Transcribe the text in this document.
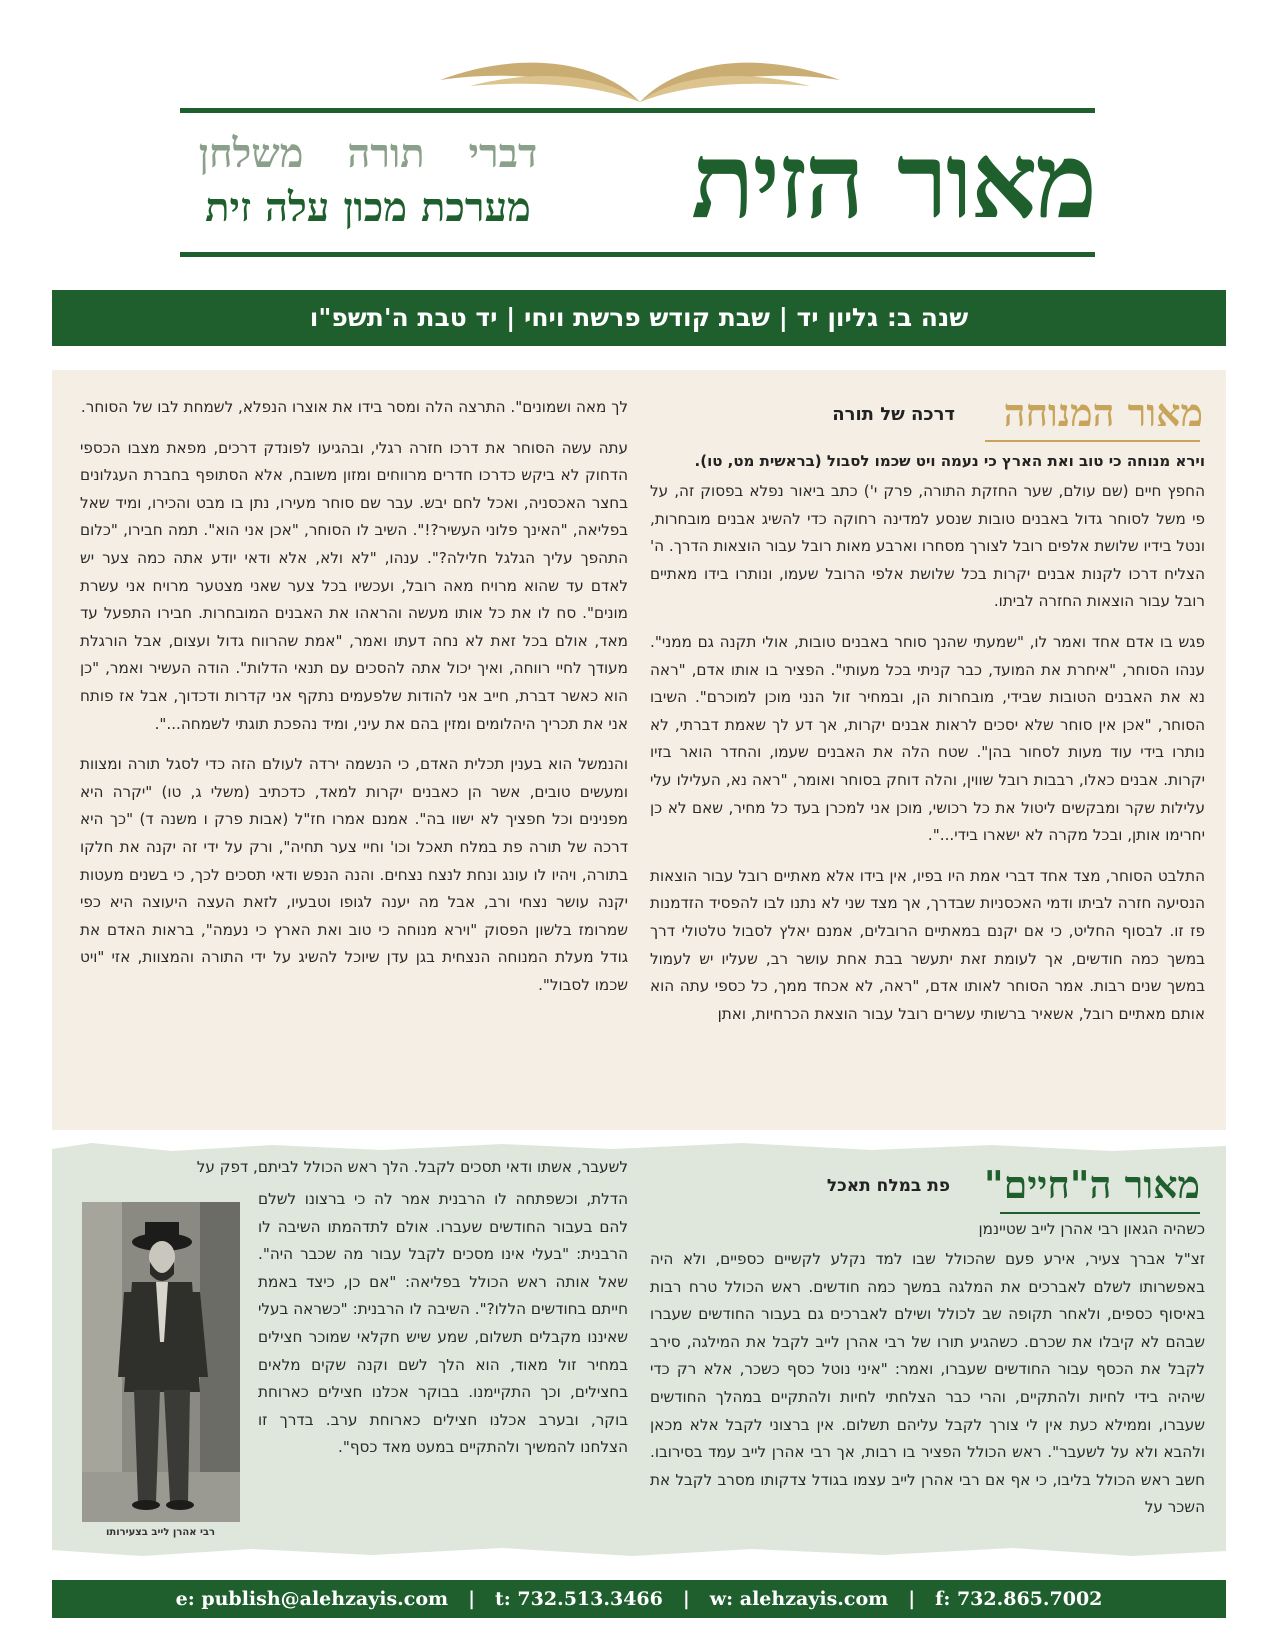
מאור הזית
דברי תורה משלחן
מערכת מכון עלה זית
שנה ב: גליון יד | שבת קודש פרשת ויחי | יד טבת ה'תשפ"ו
מאור המנוחה
דרכה של תורה
וירא מנוחה כי טוב ואת הארץ כי נעמה ויט שכמו לסבול (בראשית מט, טו).

החפץ חיים (שם עולם, שער החזקת התורה, פרק י') כתב ביאור נפלא בפסוק זה, על פי משל לסוחר גדול באבנים טובות שנסע למדינה רחוקה כדי להשיג אבנים מובחרות, ונטל בידיו שלושת אלפים רובל לצורך מסחרו וארבע מאות רובל עבור הוצאות הדרך. ה' הצליח דרכו לקנות אבנים יקרות בכל שלושת אלפי הרובל שעמו, ונותרו בידו מאתיים רובל עבור הוצאות החזרה לביתו.

פגש בו אדם אחד ואמר לו, "שמעתי שהנך סוחר באבנים טובות, אולי תקנה גם ממני". ענהו הסוחר, "איחרת את המועד, כבר קניתי בכל מעותי". הפציר בו אותו אדם, "ראה נא את האבנים הטובות שבידי, מובחרות הן, ובמחיר זול הנני מוכן למוכרם". השיבו הסוחר, "אכן אין סוחר שלא יסכים לראות אבנים יקרות, אך דע לך שאמת דברתי, לא נותרו בידי עוד מעות לסחור בהן". שטח הלה את האבנים שעמו, והחדר הואר בזיו יקרות. אבנים כאלו, רבבות רובל שווין, והלה דוחק בסוחר ואומר, "ראה נא, העלילו עלי עלילות שקר ומבקשים ליטול את כל רכושי, מוכן אני למכרן בעד כל מחיר, שאם לא כן יחרימו אותן, ובכל מקרה לא ישארו בידי...".

התלבט הסוחר, מצד אחד דברי אמת היו בפיו, אין בידו אלא מאתיים רובל עבור הוצאות הנסיעה חזרה לביתו ודמי האכסניות שבדרך, אך מצד שני לא נתנו לבו להפסיד הזדמנות פז זו. לבסוף החליט, כי אם יקנם במאתיים הרובלים, אמנם יאלץ לסבול טלטולי דרך במשך כמה חודשים, אך לעומת זאת יתעשר בבת אחת עושר רב, שעליו יש לעמול במשך שנים רבות. אמר הסוחר לאותו אדם, "ראה, לא אכחד ממך, כל כספי עתה הוא אותם מאתיים רובל, אשאיר ברשותי עשרים רובל עבור הוצאת הכרחיות, ואתן

לך מאה ושמונים". התרצה הלה ומסר בידו את אוצרו הנפלא, לשמחת לבו של הסוחר.

עתה עשה הסוחר את דרכו חזרה רגלי, ובהגיעו לפונדק דרכים, מפאת מצבו הכספי הדחוק לא ביקש כדרכו חדרים מרווחים ומזון משובח, אלא הסתופף בחברת העגלונים בחצר האכסניה, ואכל לחם יבש. עבר שם סוחר מעירו, נתן בו מבט והכירו, ומיד שאל בפליאה, "האינך פלוני העשיר?!". השיב לו הסוחר, "אכן אני הוא". תמה חבירו, "כלום התהפך עליך הגלגל חלילה?". ענהו, "לא ולא, אלא ודאי יודע אתה כמה צער יש לאדם עד שהוא מרויח מאה רובל, ועכשיו בכל צער שאני מצטער מרויח אני עשרת מונים". סח לו את כל אותו מעשה והראהו את האבנים המובחרות. חבירו התפעל עד מאד, אולם בכל זאת לא נחה דעתו ואמר, "אמת שהרווח גדול ועצום, אבל הורגלת מעודך לחיי רווחה, ואיך יכול אתה להסכים עם תנאי הדלות". הודה העשיר ואמר, "כן הוא כאשר דברת, חייב אני להודות שלפעמים נתקף אני קדרות ודכדוך, אבל אז פותח אני את תכריך היהלומים ומזין בהם את עיני, ומיד נהפכת תוגתי לשמחה...".

והנמשל הוא בענין תכלית האדם, כי הנשמה ירדה לעולם הזה כדי לסגל תורה ומצוות ומעשים טובים, אשר הן כאבנים יקרות למאד, כדכתיב (משלי ג, טו) "יקרה היא מפנינים וכל חפציך לא ישוו בה". אמנם אמרו חז"ל (אבות פרק ו משנה ד) "כך היא דרכה של תורה פת במלח תאכל וכו' וחיי צער תחיה", ורק על ידי זה יקנה את חלקו בתורה, ויהיו לו עונג ונחת לנצח נצחים. והנה הנפש ודאי תסכים לכך, כי בשנים מעטות יקנה עושר נצחי ורב, אבל מה יענה לגופו וטבעיו, לזאת העצה היעוצה היא כפי שמרומז בלשון הפסוק "וירא מנוחה כי טוב ואת הארץ כי נעמה", בראות האדם את גודל מעלת המנוחה הנצחית בגן עדן שיוכל להשיג על ידי התורה והמצוות, אזי "ויט שכמו לסבול".

מאור ה"חיים"
פת במלח תאכל
כשהיה הגאון רבי אהרן לייב שטיינמן
זצ"ל אברך צעיר, אירע פעם שהכולל שבו למד נקלע לקשיים כספיים, ולא היה באפשרותו לשלם לאברכים את המלגה במשך כמה חודשים. ראש הכולל טרח רבות באיסוף כספים, ולאחר תקופה שב לכולל ושילם לאברכים גם בעבור החודשים שעברו שבהם לא קיבלו את שכרם. כשהגיע תורו של רבי אהרן לייב לקבל את המילגה, סירב לקבל את הכסף עבור החודשים שעברו, ואמר: "איני נוטל כסף כשכר, אלא רק כדי שיהיה בידי לחיות ולהתקיים, והרי כבר הצלחתי לחיות ולהתקיים במהלך החודשים שעברו, וממילא כעת אין לי צורך לקבל עליהם תשלום. אין ברצוני לקבל אלא מכאן ולהבא ולא על לשעבר". ראש הכולל הפציר בו רבות, אך רבי אהרן לייב עמד בסירובו. חשב ראש הכולל בליבו, כי אף אם רבי אהרן לייב עצמו בגודל צדקותו מסרב לקבל את השכר על
לשעבר, אשתו ודאי תסכים לקבל. הלך ראש הכולל לביתם, דפק על
הדלת, וכשפתחה לו הרבנית אמר לה כי ברצונו לשלם להם בעבור החודשים שעברו. אולם לתדהמתו השיבה לו הרבנית: "בעלי אינו מסכים לקבל עבור מה שכבר היה". שאל אותה ראש הכולל בפליאה: "אם כן, כיצד באמת חייתם בחודשים הללו?". השיבה לו הרבנית: "כשראה בעלי שאיננו מקבלים תשלום, שמע שיש חקלאי שמוכר חצילים במחיר זול מאוד, הוא הלך לשם וקנה שקים מלאים בחצילים, וכך התקיימנו. בבוקר אכלנו חצילים כארוחת בוקר, ובערב אכלנו חצילים כארוחת ערב. בדרך זו הצלחנו להמשיך ולהתקיים במעט מאד כסף".
רבי אהרן לייב בצעירותו
e: publish@alehzayis.com | t: 732.513.3466 | w: alehzayis.com | f: 732.865.7002
